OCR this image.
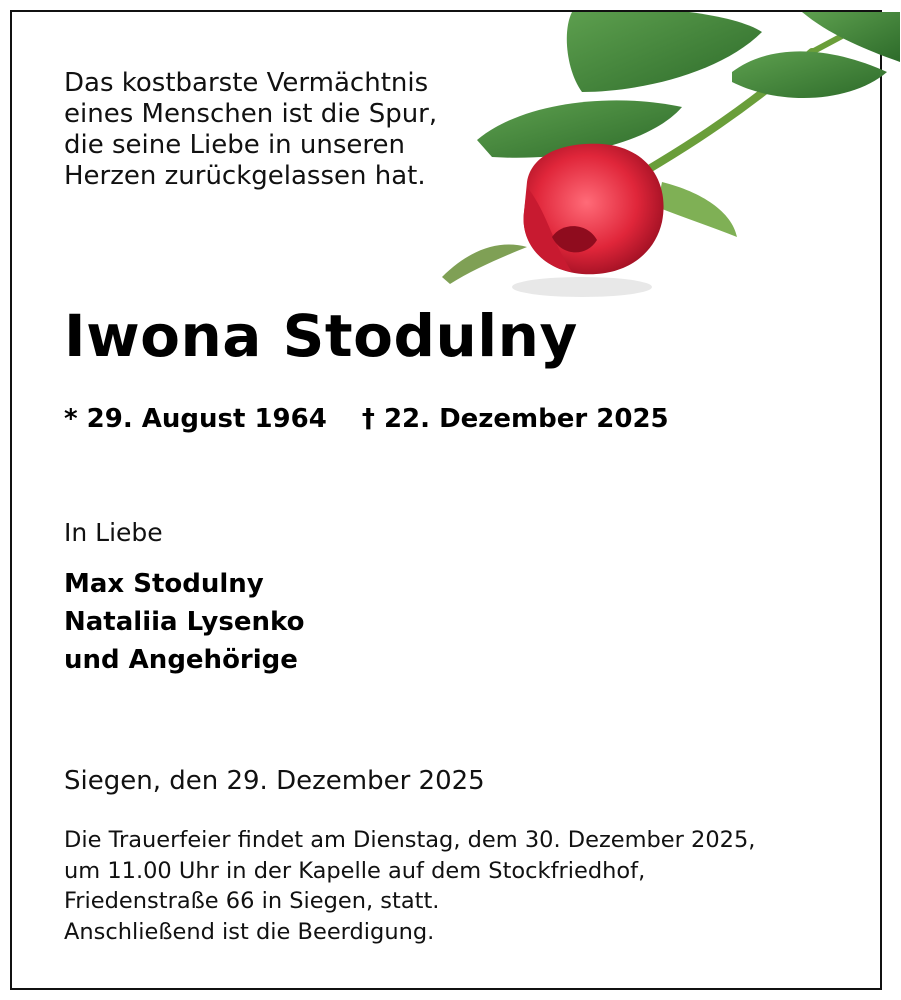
Das kostbarste Vermächtnis
eines Menschen ist die Spur,
die seine Liebe in unseren
Herzen zurückgelassen hat.
Iwona Stodulny
* 29. August 1964 † 22. Dezember 2025
In Liebe
Max Stodulny
Nataliia Lysenko
und Angehörige
Siegen, den 29. Dezember 2025
Die Trauerfeier findet am Dienstag, dem 30. Dezember 2025,
um 11.00 Uhr in der Kapelle auf dem Stockfriedhof,
Friedenstraße 66 in Siegen, statt.
Anschließend ist die Beerdigung.
